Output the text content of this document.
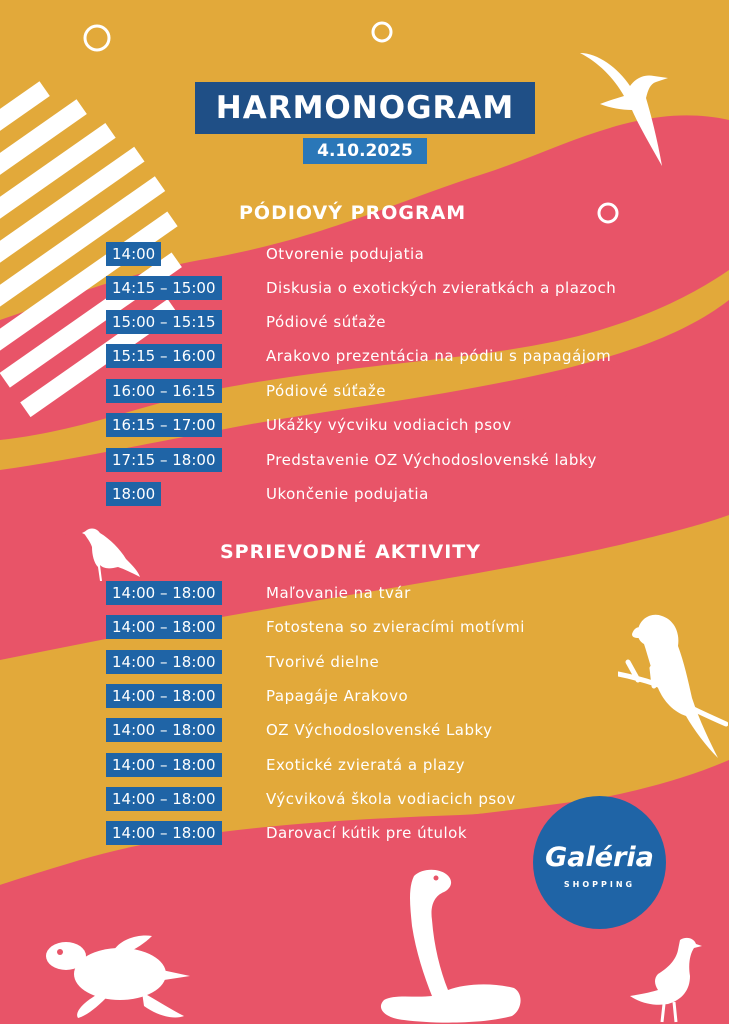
HARMONOGRAM
4.10.2025
PÓDIOVÝ PROGRAM
14:00	Otvorenie podujatia
14:15 – 15:00	Diskusia o exotických zvieratkách a plazoch
15:00 – 15:15	Pódiové súťaže
15:15 – 16:00	Arakovo prezentácia na pódiu s papagájom
16:00 – 16:15	Pódiové súťaže
16:15 – 17:00	Ukážky výcviku vodiacich psov
17:15 – 18:00	Predstavenie OZ Východoslovenské labky
18:00	Ukončenie podujatia
SPRIEVODNÉ AKTIVITY
14:00 – 18:00	Maľovanie na tvár
14:00 – 18:00	Fotostena so zvieracími motívmi
14:00 – 18:00	Tvorivé dielne
14:00 – 18:00	Papagáje Arakovo
14:00 – 18:00	OZ Východoslovenské Labky
14:00 – 18:00	Exotické zvieratá a plazy
14:00 – 18:00	Výcviková škola vodiacich psov
14:00 – 18:00	Darovací kútik pre útulok
Galéria
SHOPPING
